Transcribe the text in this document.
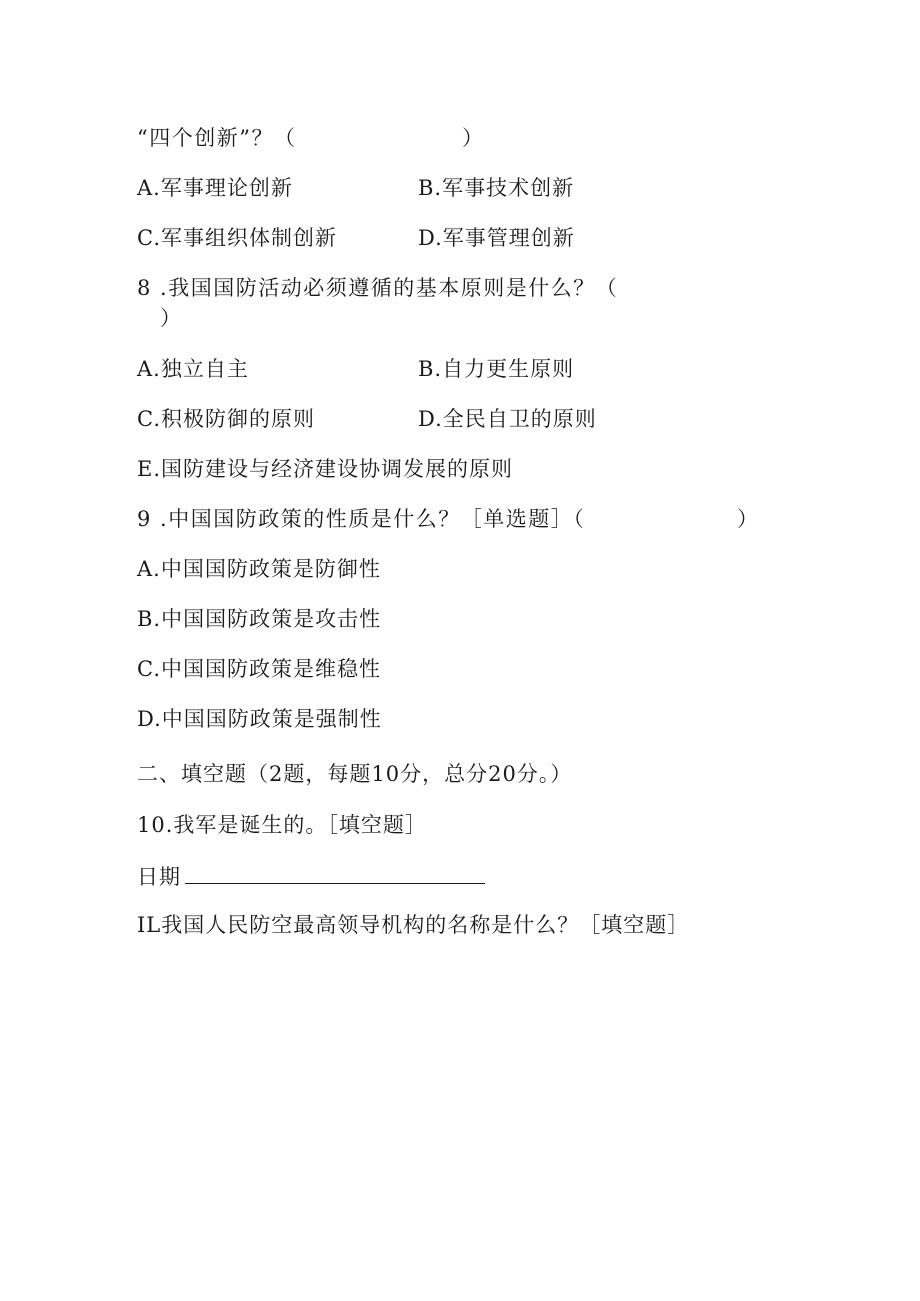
“四个创新”？（	）
A.军事理论创新	B.军事技术创新
C.军事组织体制创新	D.军事管理创新
8 .我国国防活动必须遵循的基本原则是什么？（
）
A.独立自主	B.自力更生原则
C.积极防御的原则	D.全民自卫的原则
E.国防建设与经济建设协调发展的原则
9 .中国国防政策的性质是什么？［单选题］（	）
A.中国国防政策是防御性
B.中国国防政策是攻击性
C.中国国防政策是维稳性
D.中国国防政策是强制性
二、填空题（2题，每题10分，总分20分。）
10.我军是诞生的。［填空题］
日期
IL我国人民防空最高领导机构的名称是什么？［填空题］
